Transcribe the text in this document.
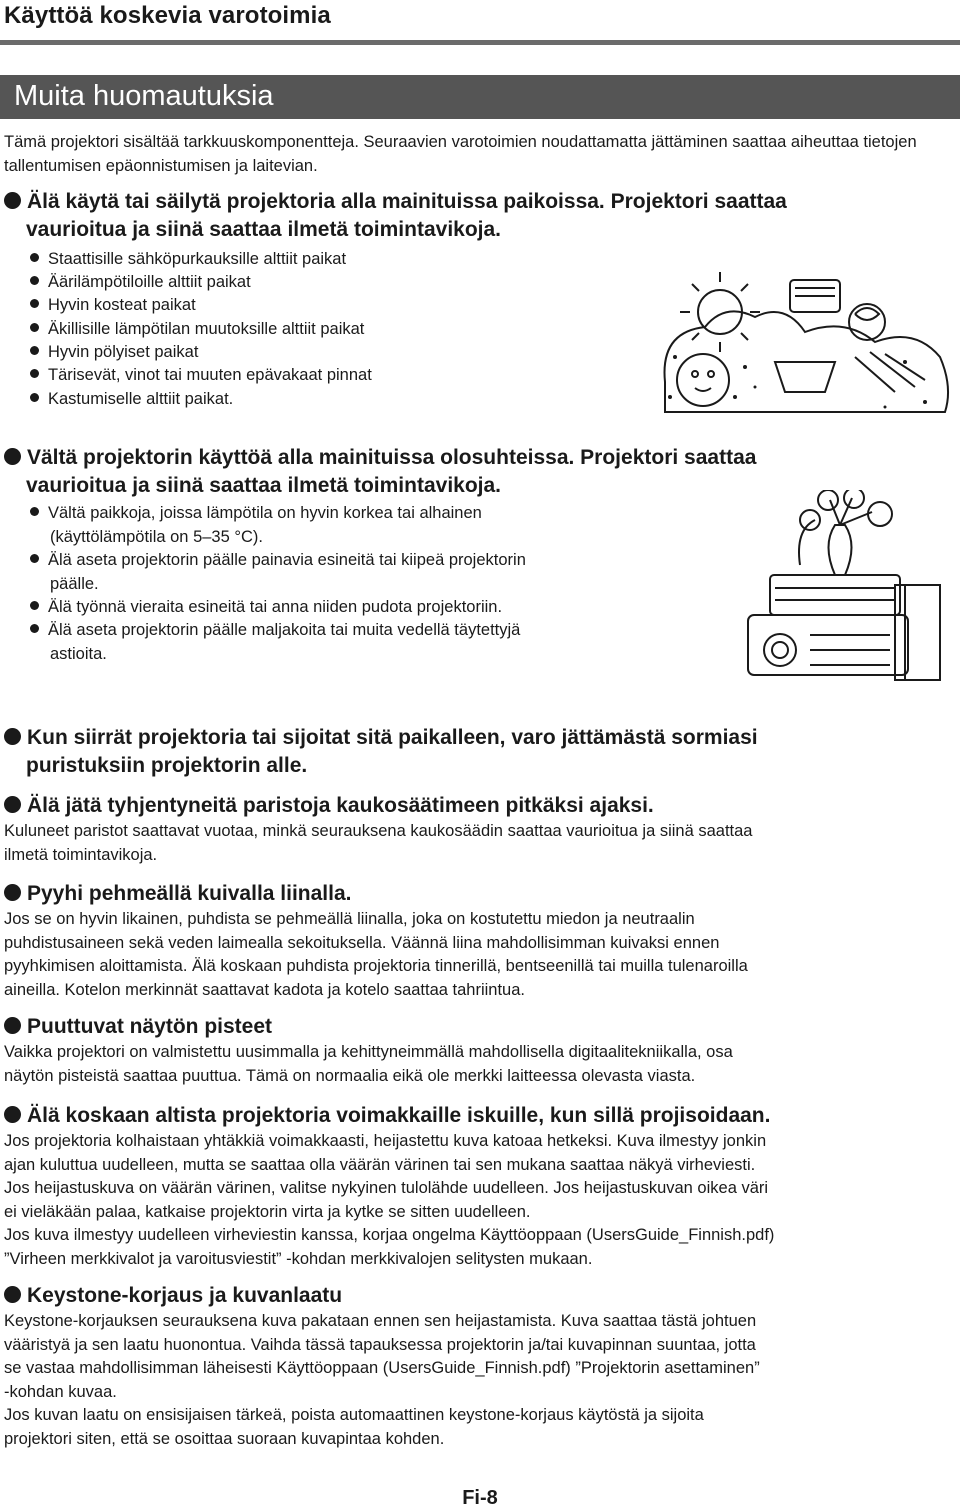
Käyttöä koskevia varotoimia
Muita huomautuksia
Tämä projektori sisältää tarkkuuskomponentteja. Seuraavien varotoimien noudattamatta jättäminen saattaa aiheuttaa tietojen tallentumisen epäonnistumisen ja laitevian.
Älä käytä tai säilytä projektoria alla mainituissa paikoissa. Projektori saattaa
vaurioitua ja siinä saattaa ilmetä toimintavikoja.
Staattisille sähköpurkauksille alttiit paikat
Äärilämpötiloille alttiit paikat
Hyvin kosteat paikat
Äkillisille lämpötilan muutoksille alttiit paikat
Hyvin pölyiset paikat
Tärisevät, vinot tai muuten epävakaat pinnat
Kastumiselle alttiit paikat.
Vältä projektorin käyttöä alla mainituissa olosuhteissa. Projektori saattaa
vaurioitua ja siinä saattaa ilmetä toimintavikoja.
Vältä paikkoja, joissa lämpötila on hyvin korkea tai alhainen
(käyttölämpötila on 5–35 °C).
Älä aseta projektorin päälle painavia esineitä tai kiipeä projektorin
päälle.
Älä työnnä vieraita esineitä tai anna niiden pudota projektoriin.
Älä aseta projektorin päälle maljakoita tai muita vedellä täytettyjä
astioita.
Kun siirrät projektoria tai sijoitat sitä paikalleen, varo jättämästä sormiasi
puristuksiin projektorin alle.
Älä jätä tyhjentyneitä paristoja kaukosäätimeen pitkäksi ajaksi.
Kuluneet paristot saattavat vuotaa, minkä seurauksena kaukosäädin saattaa vaurioitua ja siinä saattaa
ilmetä toimintavikoja.
Pyyhi pehmeällä kuivalla liinalla.
Jos se on hyvin likainen, puhdista se pehmeällä liinalla, joka on kostutettu miedon ja neutraalin
puhdistusaineen sekä veden laimealla sekoituksella. Väännä liina mahdollisimman kuivaksi ennen
pyyhkimisen aloittamista. Älä koskaan puhdista projektoria tinnerillä, bentseenillä tai muilla tulenaroilla
aineilla. Kotelon merkinnät saattavat kadota ja kotelo saattaa tahriintua.
Puuttuvat näytön pisteet
Vaikka projektori on valmistettu uusimmalla ja kehittyneimmällä mahdollisella digitaalitekniikalla, osa
näytön pisteistä saattaa puuttua. Tämä on normaalia eikä ole merkki laitteessa olevasta viasta.
Älä koskaan altista projektoria voimakkaille iskuille, kun sillä projisoidaan.
Jos projektoria kolhaistaan yhtäkkiä voimakkaasti, heijastettu kuva katoaa hetkeksi. Kuva ilmestyy jonkin
ajan kuluttua uudelleen, mutta se saattaa olla väärän värinen tai sen mukana saattaa näkyä virheviesti.
Jos heijastuskuva on väärän värinen, valitse nykyinen tulolähde uudelleen. Jos heijastuskuvan oikea väri
ei vieläkään palaa, katkaise projektorin virta ja kytke se sitten uudelleen.
Jos kuva ilmestyy uudelleen virheviestin kanssa, korjaa ongelma Käyttöoppaan (UsersGuide_Finnish.pdf)
”Virheen merkkivalot ja varoitusviestit” -kohdan merkkivalojen selitysten mukaan.
Keystone-korjaus ja kuvanlaatu
Keystone-korjauksen seurauksena kuva pakataan ennen sen heijastamista. Kuva saattaa tästä johtuen
vääristyä ja sen laatu huonontua. Vaihda tässä tapauksessa projektorin ja/tai kuvapinnan suuntaa, jotta
se vastaa mahdollisimman läheisesti Käyttöoppaan (UsersGuide_Finnish.pdf) ”Projektorin asettaminen”
-kohdan kuvaa.
Jos kuvan laatu on ensisijaisen tärkeä, poista automaattinen keystone-korjaus käytöstä ja sijoita
projektori siten, että se osoittaa suoraan kuvapintaa kohden.
Fi-8
